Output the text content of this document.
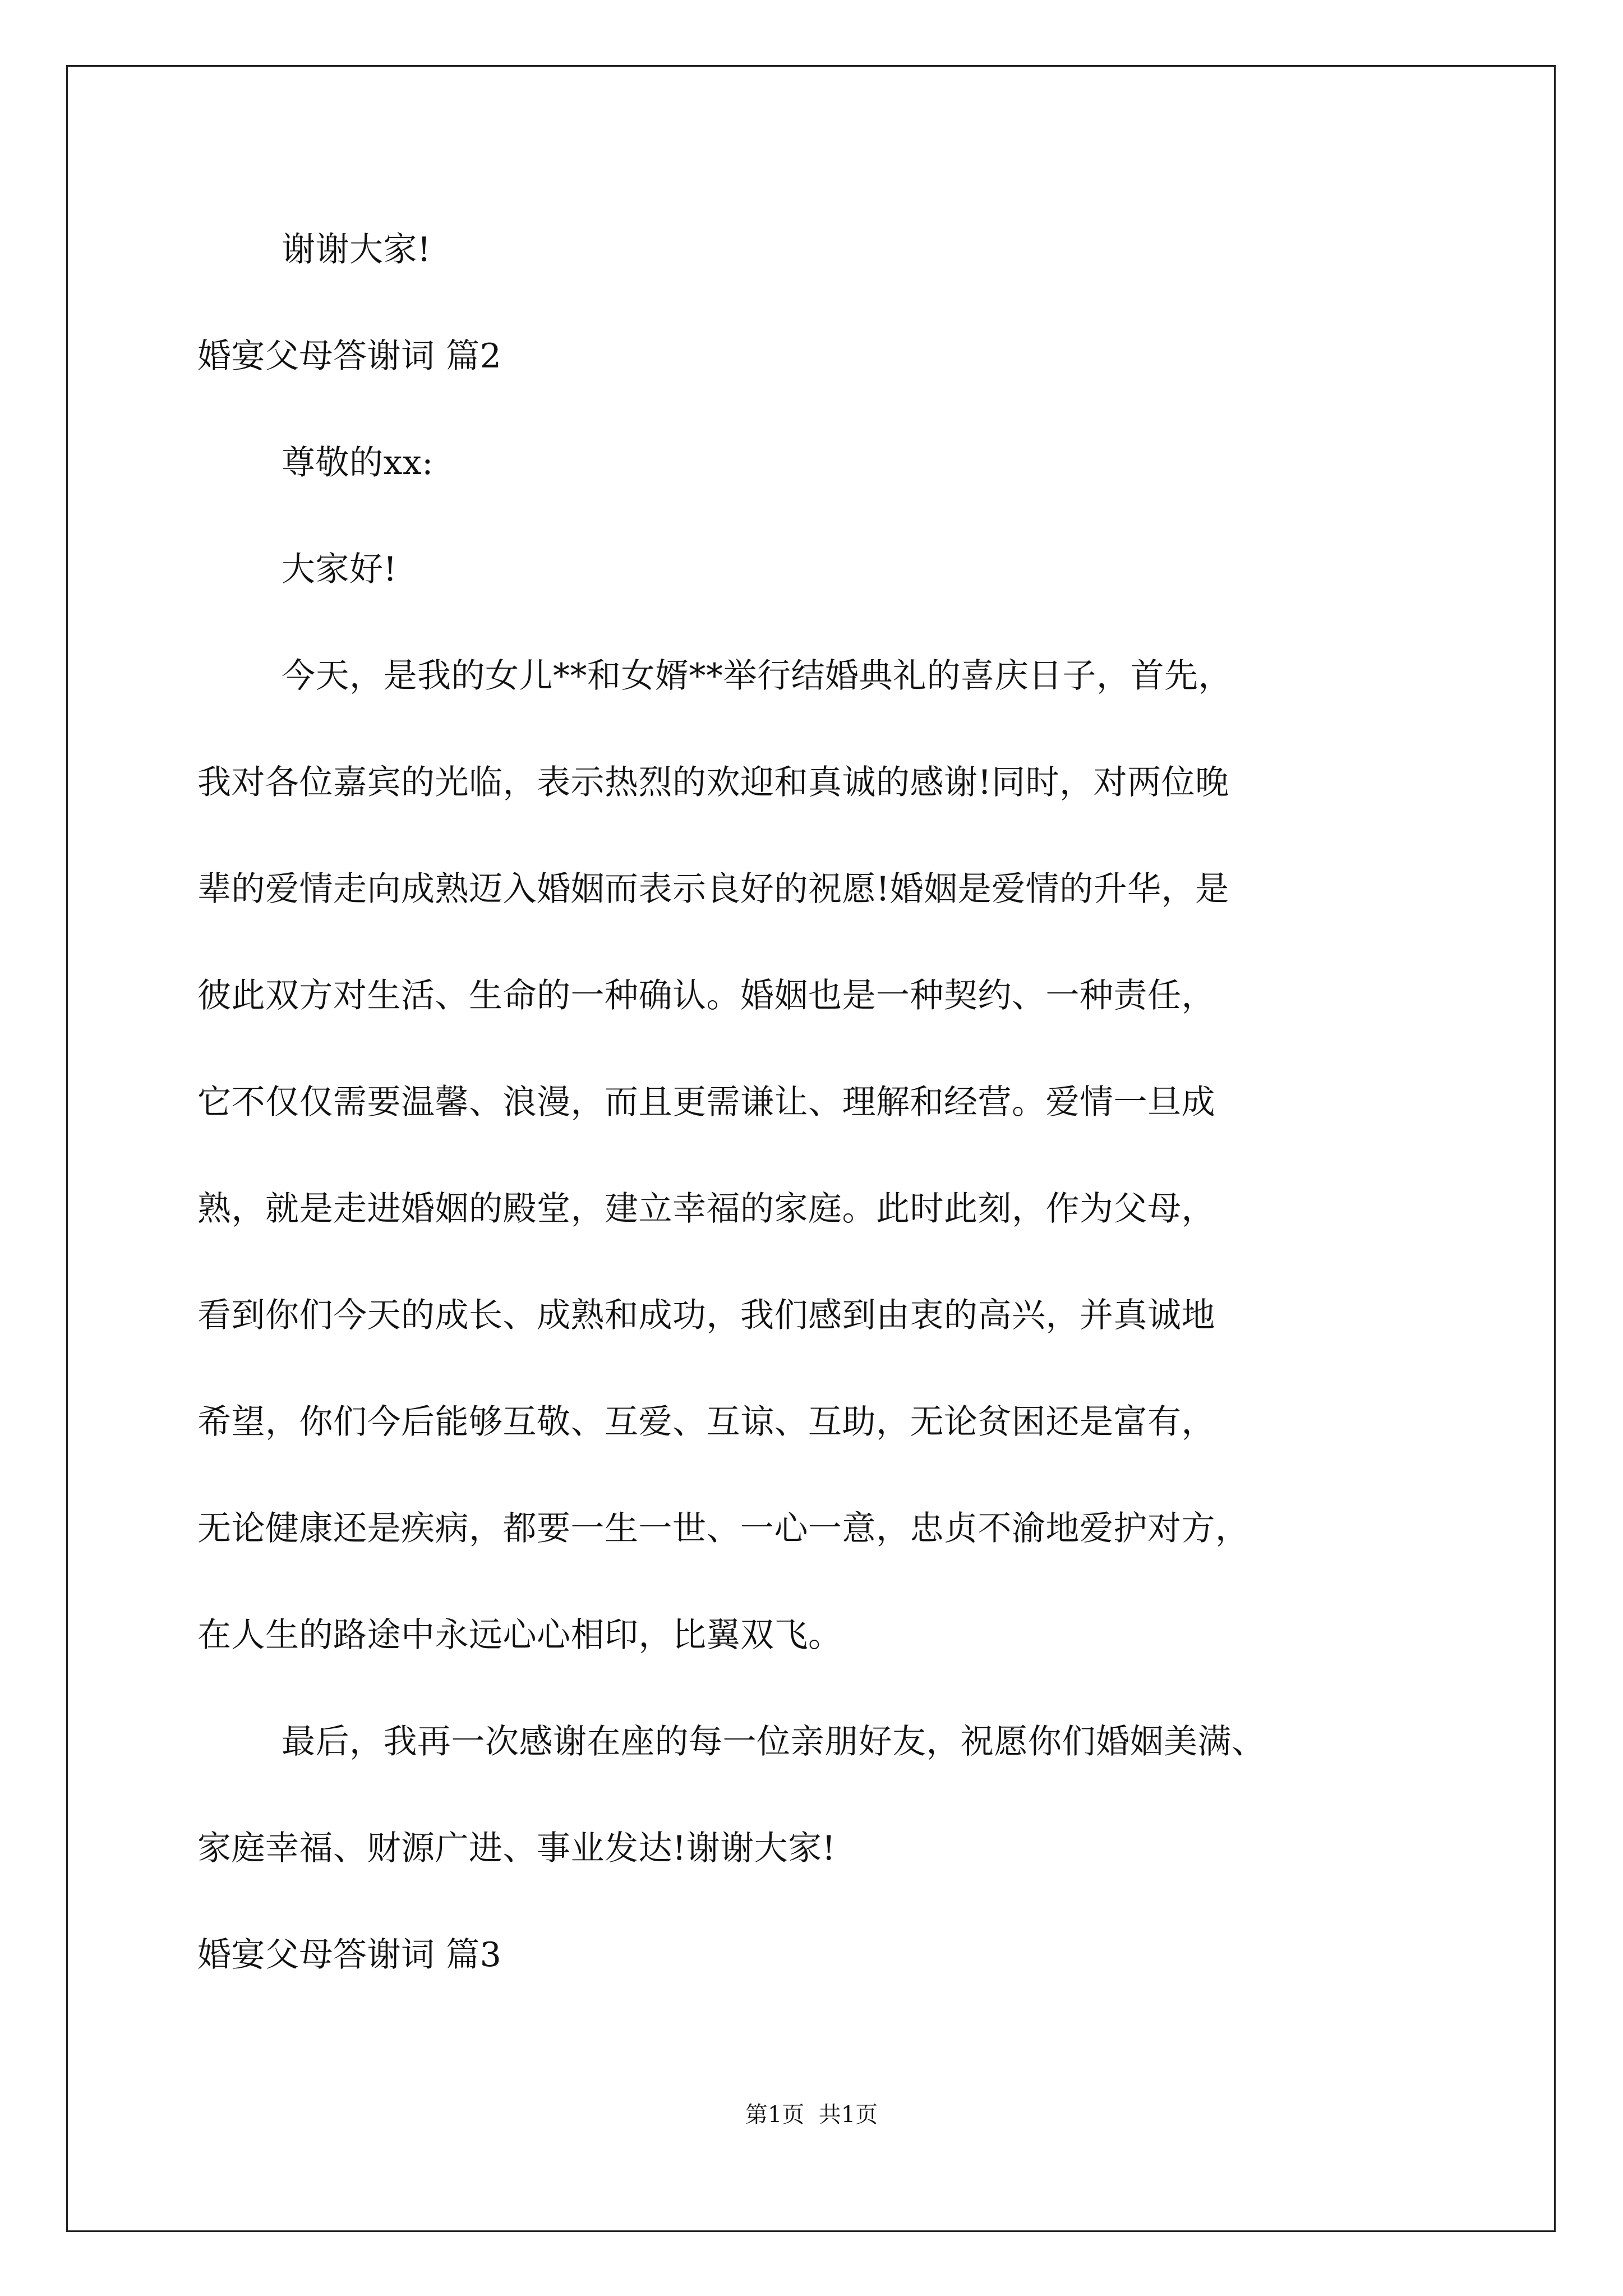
谢谢大家!
婚宴父母答谢词 篇2
尊敬的xx:
大家好!
今天，是我的女儿**和女婿**举行结婚典礼的喜庆日子，首先，
我对各位嘉宾的光临，表示热烈的欢迎和真诚的感谢!同时，对两位晚
辈的爱情走向成熟迈入婚姻而表示良好的祝愿!婚姻是爱情的升华，是
彼此双方对生活、生命的一种确认。婚姻也是一种契约、一种责任，
它不仅仅需要温馨、浪漫，而且更需谦让、理解和经营。爱情一旦成
熟，就是走进婚姻的殿堂，建立幸福的家庭。此时此刻，作为父母，
看到你们今天的成长、成熟和成功，我们感到由衷的高兴，并真诚地
希望，你们今后能够互敬、互爱、互谅、互助，无论贫困还是富有，
无论健康还是疾病，都要一生一世、一心一意，忠贞不渝地爱护对方，
在人生的路途中永远心心相印，比翼双飞。
最后，我再一次感谢在座的每一位亲朋好友，祝愿你们婚姻美满、
家庭幸福、财源广进、事业发达!谢谢大家!
婚宴父母答谢词 篇3
第1页  共1页
